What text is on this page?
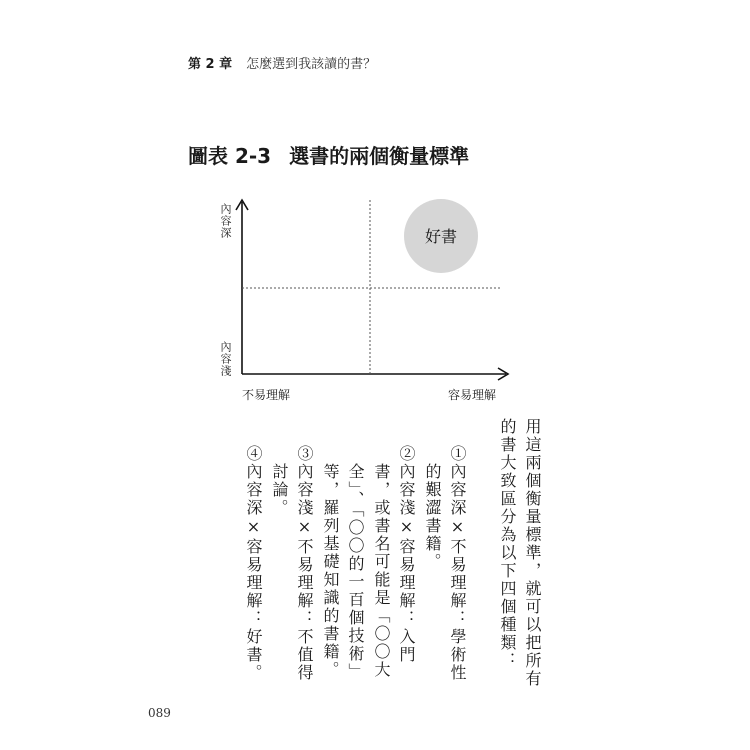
第 2 章 怎麼選到我該讀的書？
圖表 2-3 選書的兩個衡量標準
好書
內容深
內容淺
不易理解	容易理解
用這兩個衡量標準，就可以把所有
的書大致區分為以下四個種類：
①內容深×不易理解：學術性
　的艱澀書籍。
②內容淺×容易理解：入門
　書，或書名可能是「〇〇大
　全」、「〇〇的一百個技術」
　等，羅列基礎知識的書籍。
③內容淺×不易理解：不值得
　討論。
④內容深×容易理解：好書。
089
